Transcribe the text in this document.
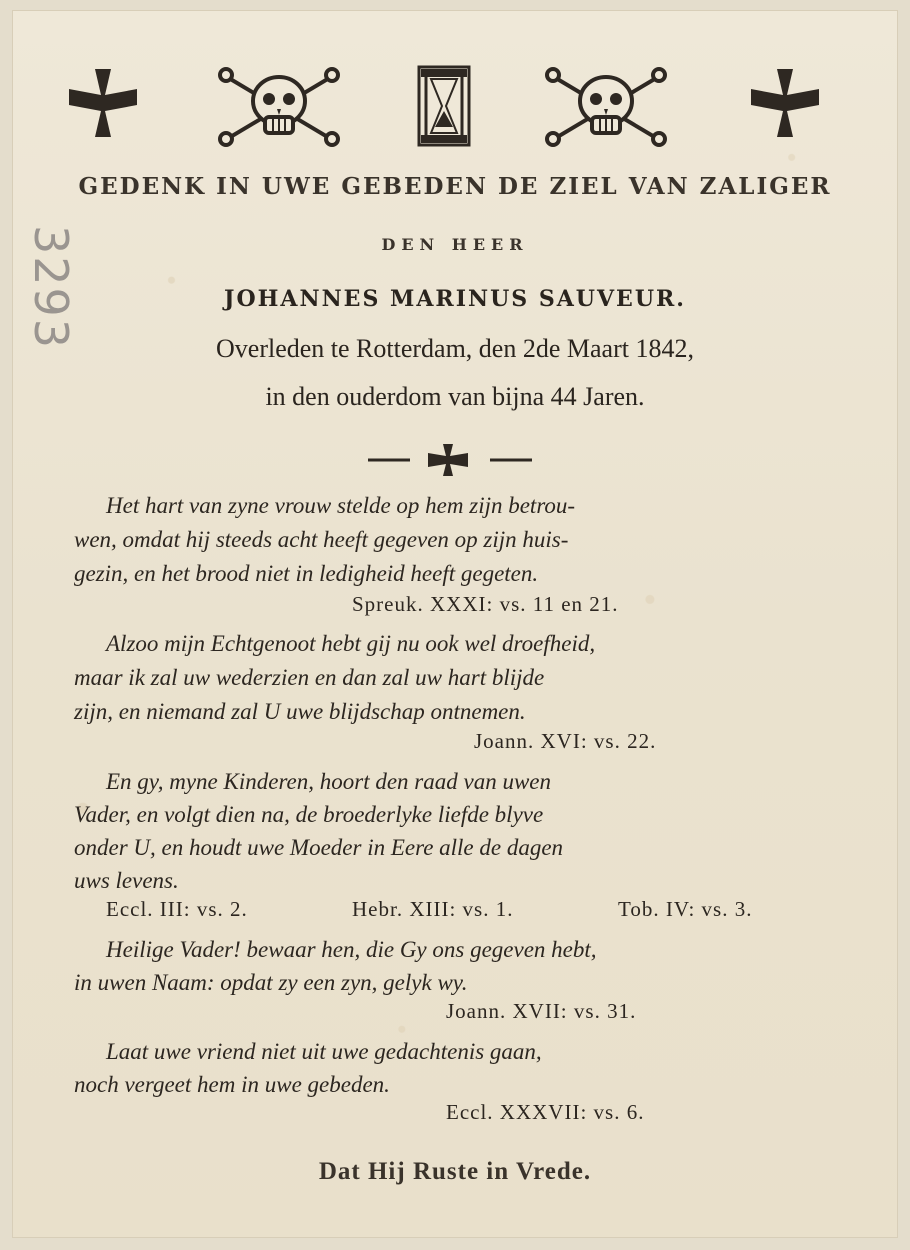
3293
GEDENK IN UWE GEBEDEN DE ZIEL VAN ZALIGER
DEN HEER
JOHANNES MARINUS SAUVEUR.
Overleden te Rotterdam, den 2de Maart 1842,
in den ouderdom van bijna 44 Jaren.
Het hart van zyne vrouw stelde op hem zijn betrou-
wen, omdat hij steeds acht heeft gegeven op zijn huis-
gezin, en het brood niet in ledigheid heeft gegeten.
Spreuk. XXXI: vs. 11 en 21.
Alzoo mijn Echtgenoot hebt gij nu ook wel droefheid,
maar ik zal uw wederzien en dan zal uw hart blijde
zijn, en niemand zal U uwe blijdschap ontnemen.
Joann. XVI: vs. 22.
En gy, myne Kinderen, hoort den raad van uwen
Vader, en volgt dien na, de broederlyke liefde blyve
onder U, en houdt uwe Moeder in Eere alle de dagen
uws levens.
Eccl. III: vs. 2.	Hebr. XIII: vs. 1.	Tob. IV: vs. 3.
Heilige Vader! bewaar hen, die Gy ons gegeven hebt,
in uwen Naam: opdat zy een zyn, gelyk wy.
Joann. XVII: vs. 31.
Laat uwe vriend niet uit uwe gedachtenis gaan,
noch vergeet hem in uwe gebeden.
Eccl. XXXVII: vs. 6.
Dat Hij Ruste in Vrede.
